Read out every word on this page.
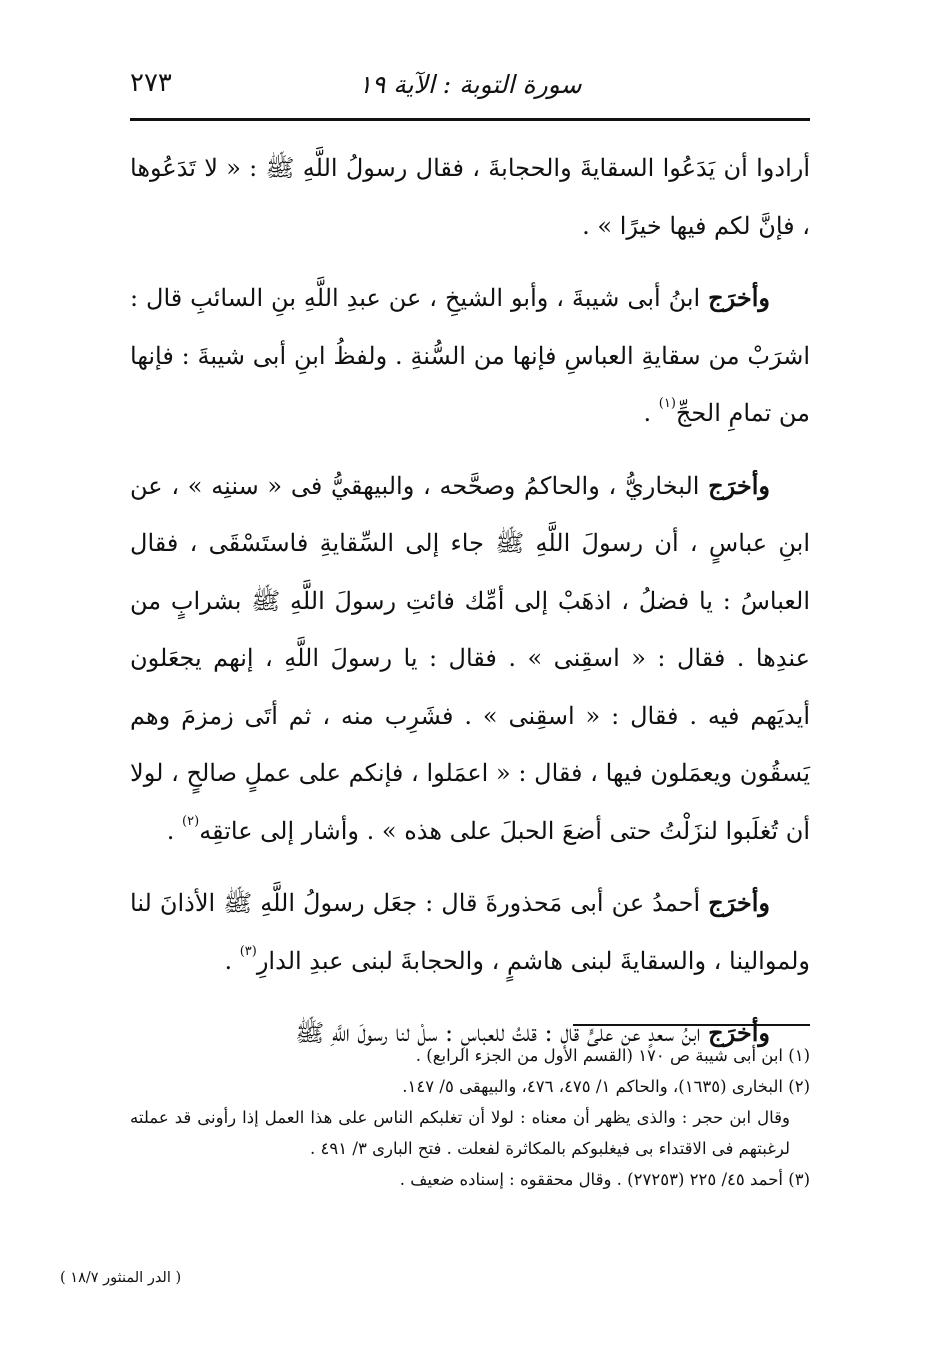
٢٧٣	سورة التوبة : الآية ١٩

أرادوا أن يَدَعُوا السقايةَ والحجابةَ ، فقال رسولُ اللَّهِ ﷺ : « لا تَدَعُوها ، فإنَّ لكم فيها خيرًا » .

وأخرَج ابنُ أبى شيبةَ ، وأبو الشيخِ ، عن عبدِ اللَّهِ بنِ السائبِ قال : اشرَبْ من سقايةِ العباسِ فإنها من السُّنةِ . ولفظُ ابنِ أبى شيبةَ : فإنها من تمامِ الحجِّ$^{(١)}$ .

وأخرَج البخاريُّ ، والحاكمُ وصحَّحه ، والبيهقيُّ فى « سننِه » ، عن ابنِ عباسٍ ، أن رسولَ اللَّهِ ﷺ جاء إلى السِّقايةِ فاستَسْقَى ، فقال العباسُ : يا فضلُ ، اذهَبْ إلى أمِّك فائتِ رسولَ اللَّهِ ﷺ بشرابٍ من عندِها . فقال : « اسقِنى » . فقال : يا رسولَ اللَّهِ ، إنهم يجعَلون أيديَهم فيه . فقال : « اسقِنى » . فشَرِب منه ، ثم أتَى زمزمَ وهم يَسقُون ويعمَلون فيها ، فقال : « اعمَلوا ، فإنكم على عملٍ صالحٍ ، لولا أن تُغلَبوا لنزَلْتُ حتى أضعَ الحبلَ على هذه » . وأشار إلى عاتقِه$^{(٢)}$ .

وأخرَج أحمدُ عن أبى مَحذورةَ قال : جعَل رسولُ اللَّهِ ﷺ الأذانَ لنا ولموالينا ، والسقايةَ لبنى هاشمٍ ، والحجابةَ لبنى عبدِ الدارِ$^{(٣)}$ .

وأخرَج ابنُ سعدٍ عن علىٍّ قال : قلتُ للعباسِ : سلْ لنا رسولَ اللَّهِ ﷺ

(١) ابن أبى شيبة ص ١٧٠ (القسم الأول من الجزء الرابع) .
(٢) البخارى (١٦٣٥)، والحاكم ١/ ٤٧٥، ٤٧٦، والبيهقى ٥/ ١٤٧.
وقال ابن حجر : والذى يظهر أن معناه : لولا أن تغلبكم الناس على هذا العمل إذا رأونى قد عملته لرغبتهم فى الاقتداء بى فيغلبوكم بالمكاثرة لفعلت . فتح البارى ٣/ ٤٩١ .
(٣) أحمد ٤٥/ ٢٢٥ (٢٧٢٥٣) . وقال محققوه : إسناده ضعيف .
( الدر المنثور ١٨/٧ )
